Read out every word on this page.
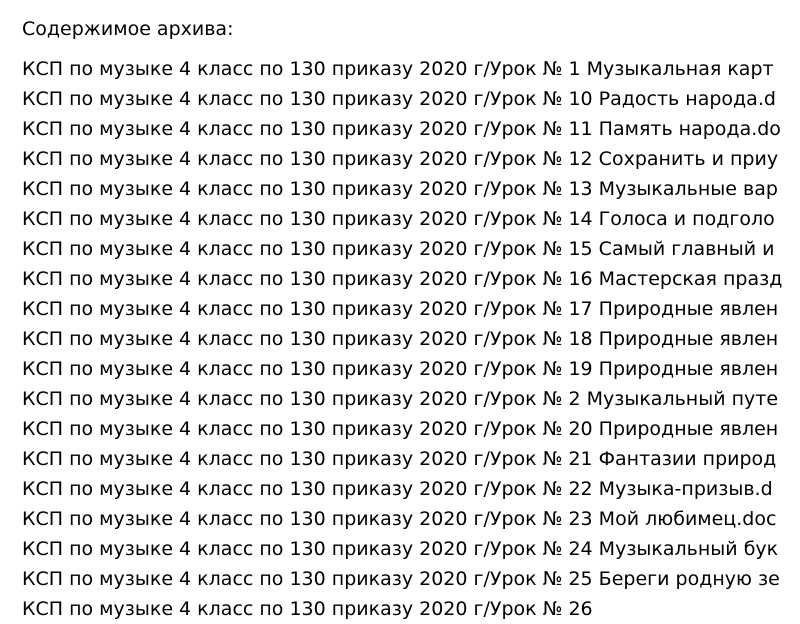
Содержимое архива:
КСП по музыке 4 класс по 130 приказу 2020 г/Урок № 1 Музыкальная карт
КСП по музыке 4 класс по 130 приказу 2020 г/Урок № 10 Радость народа.d
КСП по музыке 4 класс по 130 приказу 2020 г/Урок № 11 Память народа.do
КСП по музыке 4 класс по 130 приказу 2020 г/Урок № 12 Сохранить и приу
КСП по музыке 4 класс по 130 приказу 2020 г/Урок № 13 Музыкальные вар
КСП по музыке 4 класс по 130 приказу 2020 г/Урок № 14 Голоса и подголо
КСП по музыке 4 класс по 130 приказу 2020 г/Урок № 15 Самый главный и
КСП по музыке 4 класс по 130 приказу 2020 г/Урок № 16 Мастерская празд
КСП по музыке 4 класс по 130 приказу 2020 г/Урок № 17 Природные явлен
КСП по музыке 4 класс по 130 приказу 2020 г/Урок № 18 Природные явлен
КСП по музыке 4 класс по 130 приказу 2020 г/Урок № 19 Природные явлен
КСП по музыке 4 класс по 130 приказу 2020 г/Урок № 2 Музыкальный путе
КСП по музыке 4 класс по 130 приказу 2020 г/Урок № 20 Природные явлен
КСП по музыке 4 класс по 130 приказу 2020 г/Урок № 21 Фантазии природ
КСП по музыке 4 класс по 130 приказу 2020 г/Урок № 22 Музыка-призыв.d
КСП по музыке 4 класс по 130 приказу 2020 г/Урок № 23 Мой любимец.doc
КСП по музыке 4 класс по 130 приказу 2020 г/Урок № 24 Музыкальный бук
КСП по музыке 4 класс по 130 приказу 2020 г/Урок № 25 Береги родную зе
КСП по музыке 4 класс по 130 приказу 2020 г/Урок № 26
